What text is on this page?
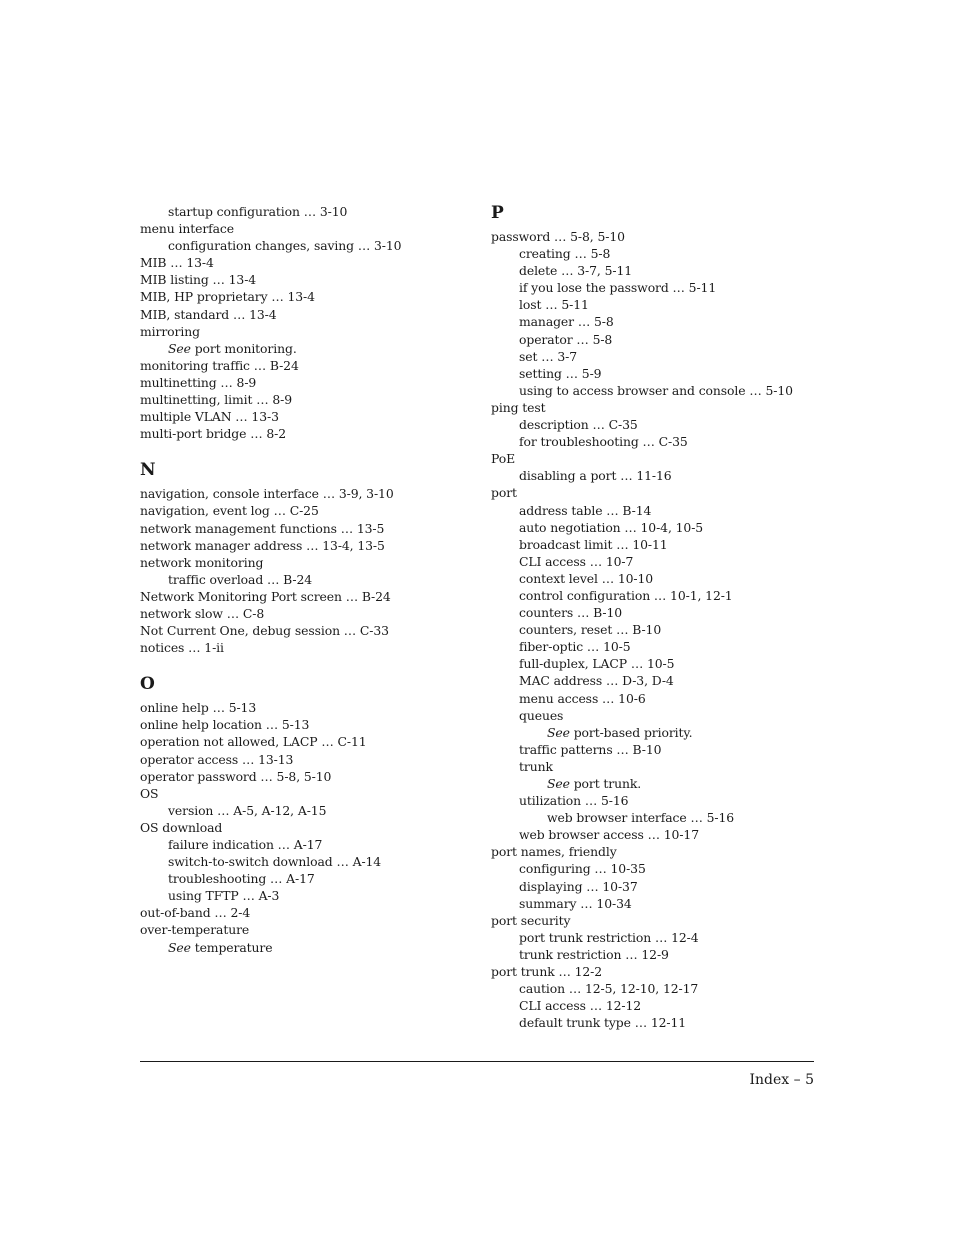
startup configuration … 3-10
menu interface
configuration changes, saving … 3-10
MIB … 13-4
MIB listing … 13-4
MIB, HP proprietary … 13-4
MIB, standard … 13-4
mirroring
See port monitoring.
monitoring traffic … B-24
multinetting … 8-9
multinetting, limit … 8-9
multiple VLAN … 13-3
multi-port bridge … 8-2
N
navigation, console interface … 3-9, 3-10
navigation, event log … C-25
network management functions … 13-5
network manager address … 13-4, 13-5
network monitoring
traffic overload … B-24
Network Monitoring Port screen … B-24
network slow … C-8
Not Current One, debug session … C-33
notices … 1-ii
O
online help … 5-13
online help location … 5-13
operation not allowed, LACP … C-11
operator access … 13-13
operator password … 5-8, 5-10
OS
version … A-5, A-12, A-15
OS download
failure indication … A-17
switch-to-switch download … A-14
troubleshooting … A-17
using TFTP … A-3
out-of-band … 2-4
over-temperature
See temperature
P
password … 5-8, 5-10
creating … 5-8
delete … 3-7, 5-11
if you lose the password … 5-11
lost … 5-11
manager … 5-8
operator … 5-8
set … 3-7
setting … 5-9
using to access browser and console … 5-10
ping test
description … C-35
for troubleshooting … C-35
PoE
disabling a port … 11-16
port
address table … B-14
auto negotiation … 10-4, 10-5
broadcast limit … 10-11
CLI access … 10-7
context level … 10-10
control configuration … 10-1, 12-1
counters … B-10
counters, reset … B-10
fiber-optic … 10-5
full-duplex, LACP … 10-5
MAC address … D-3, D-4
menu access … 10-6
queues
See port-based priority.
traffic patterns … B-10
trunk
See port trunk.
utilization … 5-16
web browser interface … 5-16
web browser access … 10-17
port names, friendly
configuring … 10-35
displaying … 10-37
summary … 10-34
port security
port trunk restriction … 12-4
trunk restriction … 12-9
port trunk … 12-2
caution … 12-5, 12-10, 12-17
CLI access … 12-12
default trunk type … 12-11
Index – 5
